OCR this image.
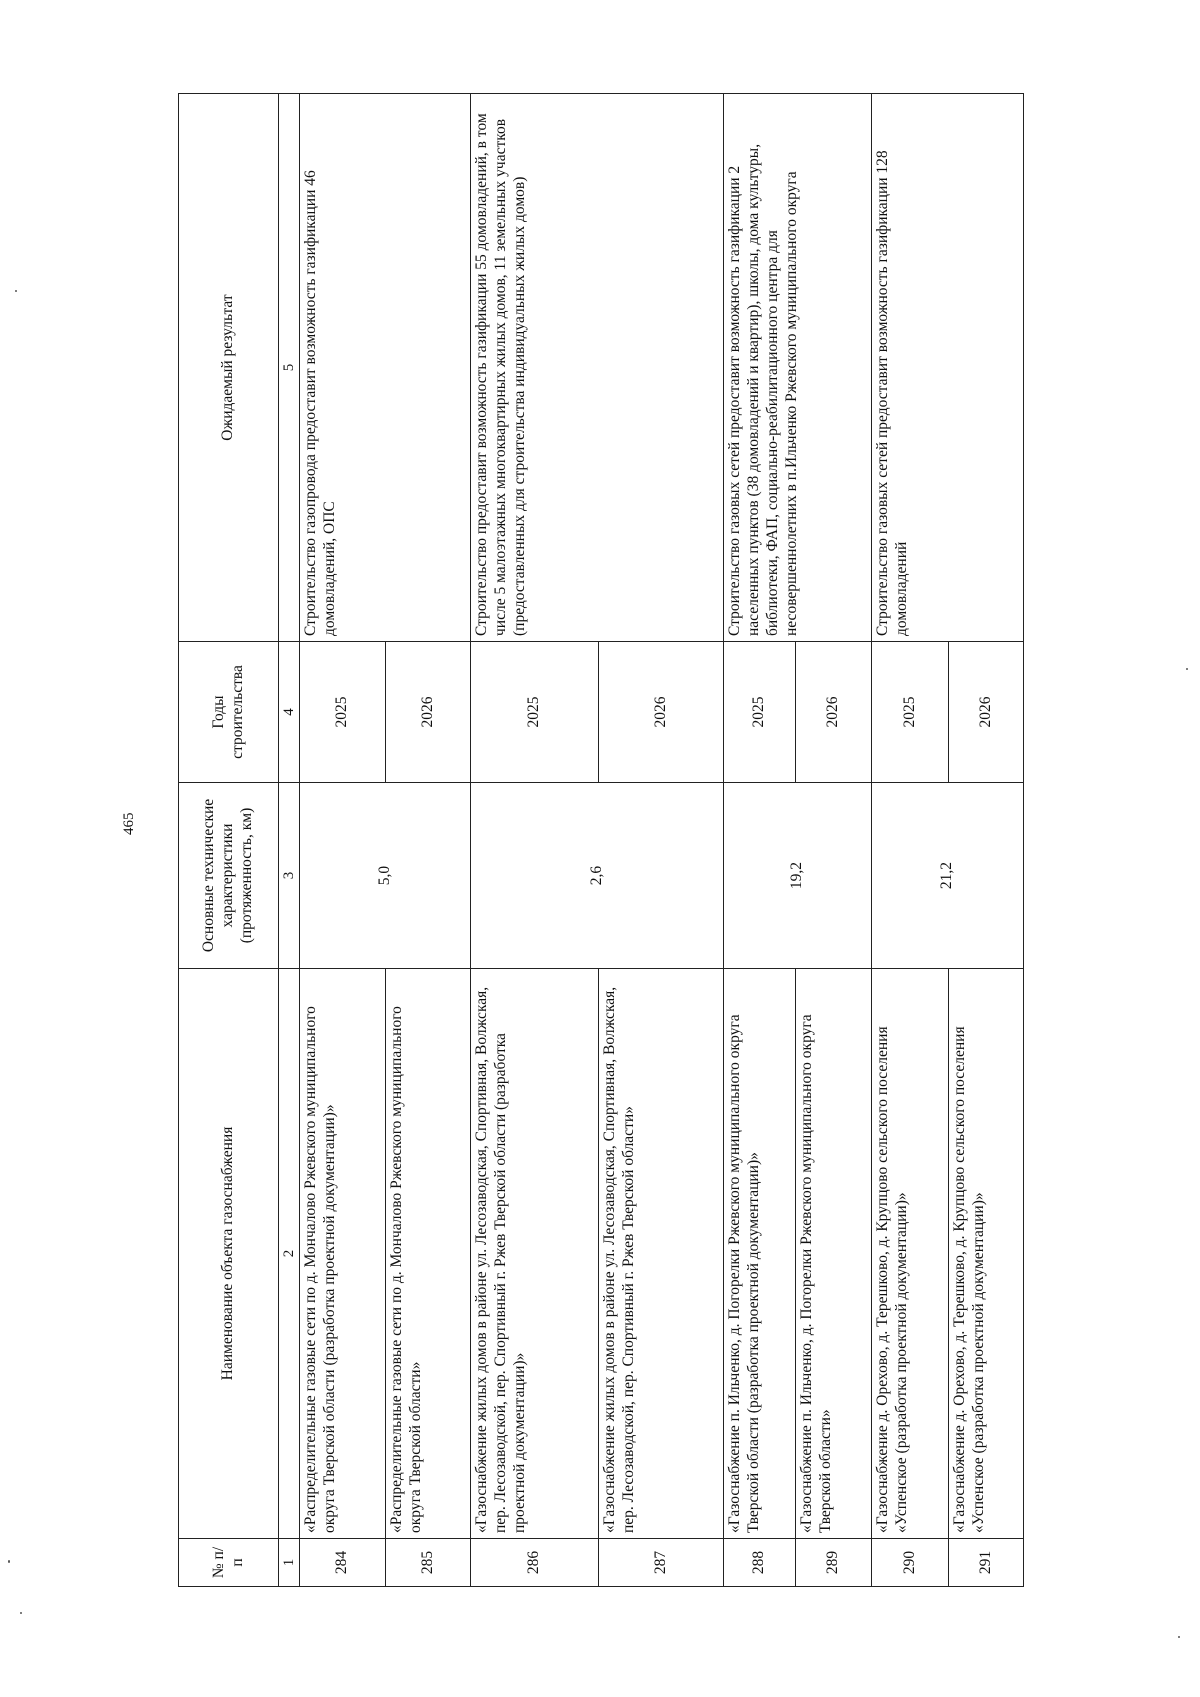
465
№ п/п	Наименование объекта газоснабжения	Основные технические характеристики (протяженность, км)	Годы строительства	Ожидаемый результат
1	2	3	4	5
284	«Распределительные газовые сети по д. Мончалово Ржевского муниципального округа Тверской области (разработка проектной документации)»	5,0	2025	Строительство газопровода предоставит возможность газификации 46 домовладений, ОПС
285	«Распределительные газовые сети по д. Мончалово Ржевского муниципального округа Тверской области»		2026	
286	«Газоснабжение жилых домов в районе ул. Лесозаводская, Спортивная, Волжская, пер. Лесозаводской, пер. Спортивный г. Ржев Тверской области (разработка проектной документации)»	2,6	2025	Строительство предоставит возможность газификации 55 домовладений, в том числе 5 малоэтажных многоквартирных жилых домов, 11 земельных участков (предоставленных для строительства индивидуальных жилых домов)
287	«Газоснабжение жилых домов в районе ул. Лесозаводская, Спортивная, Волжская, пер. Лесозаводской, пер. Спортивный г. Ржев Тверской области»		2026	
288	«Газоснабжение п. Ильченко, д. Погорелки Ржевского муниципального округа Тверской области (разработка проектной документации)»	19,2	2025	Строительство газовых сетей предоставит возможность газификации 2 населенных пунктов (38 домовладений и квартир), школы, дома культуры, библиотеки, ФАП, социально-реабилитационного центра для несовершеннолетних в п.Ильченко Ржевского муниципального округа
289	«Газоснабжение п. Ильченко, д. Погорелки Ржевского муниципального округа Тверской области»		2026	
290	«Газоснабжение д. Орехово, д. Терешково, д. Крупцово сельского поселения «Успенское (разработка проектной документации)»	21,2	2025	Строительство газовых сетей предоставит возможность газификации 128 домовладений
291	«Газоснабжение д. Орехово, д. Терешково, д. Крупцово сельского поселения «Успенское (разработка проектной документации)»		2026	
